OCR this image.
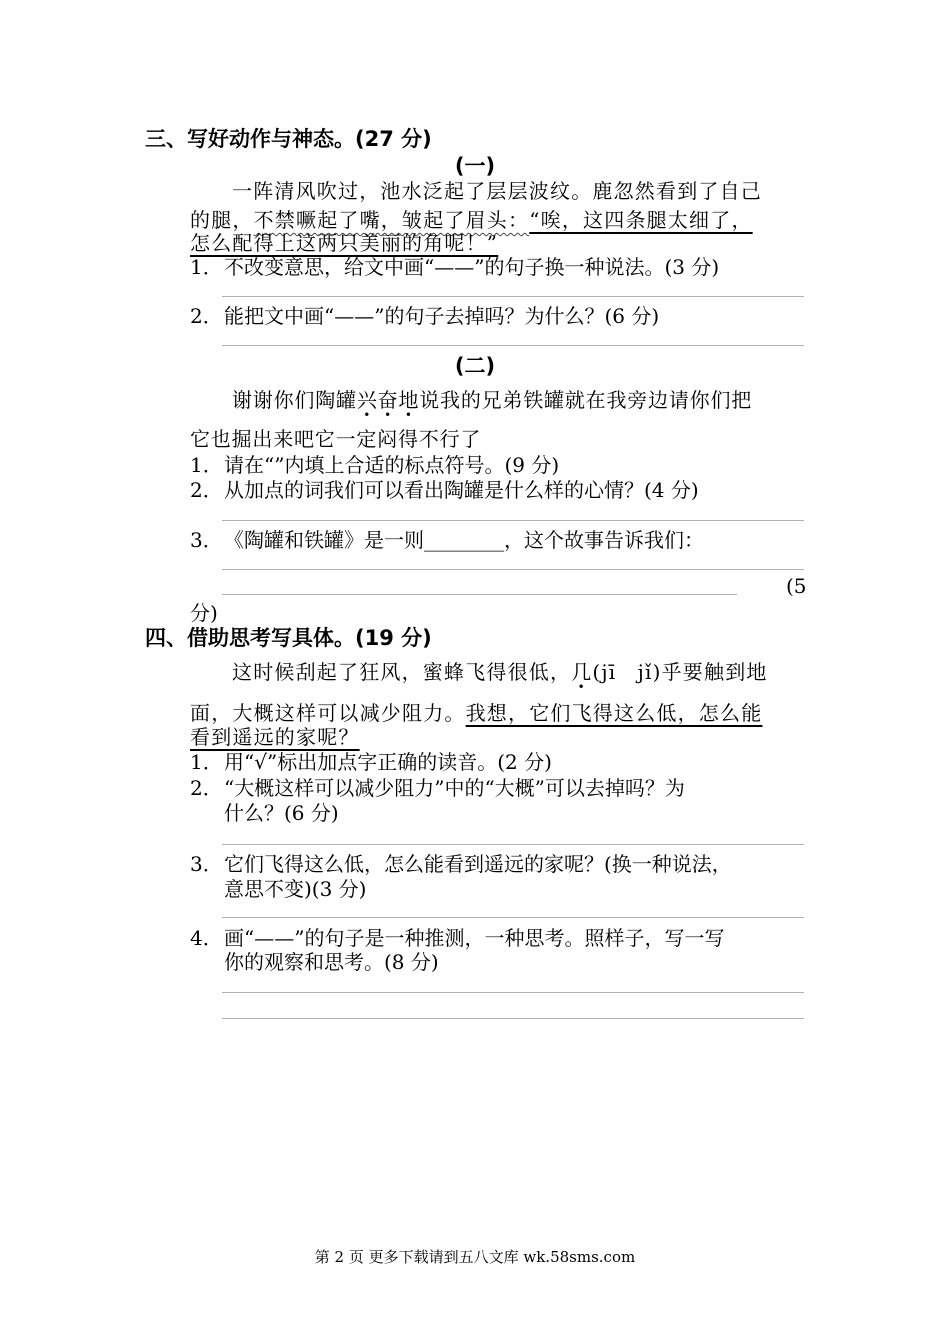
三、写好动作与神态。(27 分)
(一)
一阵清风吹过，池水泛起了层层波纹。鹿忽然看到了自己
的腿，不禁噘起了嘴，皱起了眉头：“唉，这四条腿太细了，
怎么配得上这两只美丽的角呢！”
1．不改变意思，给文中画“——”的句子换一种说法。(3 分)
2．能把文中画“——”的句子去掉吗？为什么？(6 分)
(二)
谢谢你们陶罐兴奋地说我的兄弟铁罐就在我旁边请你们把
它也掘出来吧它一定闷得不行了
1．请在“”内填上合适的标点符号。(9 分)
2．从加点的词我们可以看出陶罐是什么样的心情？(4 分)
3．《陶罐和铁罐》是一则________，这个故事告诉我们：
(5
分)
四、借助思考写具体。(19 分)
这时候刮起了狂风，蜜蜂飞得很低，几(jī　jǐ)乎要触到地
面，大概这样可以减少阻力。我想，它们飞得这么低，怎么能
看到遥远的家呢？
1．用“√”标出加点字正确的读音。(2 分)
2．“大概这样可以减少阻力”中的“大概”可以去掉吗？为
什么？(6 分)
3．它们飞得这么低，怎么能看到遥远的家呢？(换一种说法，
意思不变)(3 分)
4．画“——”的句子是一种推测，一种思考。照样子，写一写
你的观察和思考。(8 分)
第 2 页 更多下载请到五八文库 wk.58sms.com
